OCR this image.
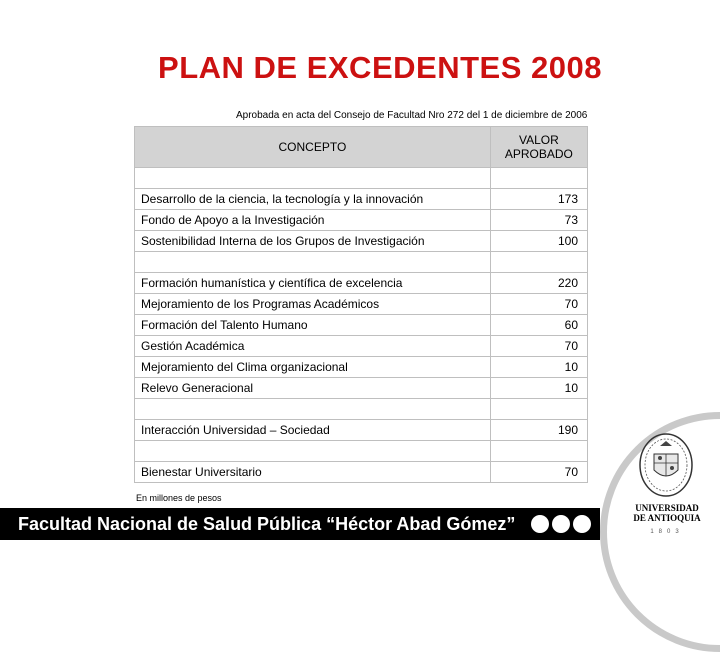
PLAN DE EXCEDENTES 2008
Aprobada en acta del Consejo de Facultad Nro 272 del 1 de diciembre de 2006
CONCEPTO	VALOR
APROBADO

Desarrollo de la ciencia, la tecnología y la innovación	173
Fondo de Apoyo a la Investigación	73
Sostenibilidad Interna de los Grupos de Investigación	100

Formación humanística y científica de excelencia	220
Mejoramiento de los Programas Académicos	70
Formación del Talento Humano	60
Gestión Académica	70
Mejoramiento del Clima organizacional	10
Relevo Generacional	10

Interacción Universidad – Sociedad	190

Bienestar Universitario	70
En millones de pesos
Facultad Nacional de Salud Pública “Héctor Abad Gómez”
UNIVERSIDAD
DE ANTIOQUIA
1803
